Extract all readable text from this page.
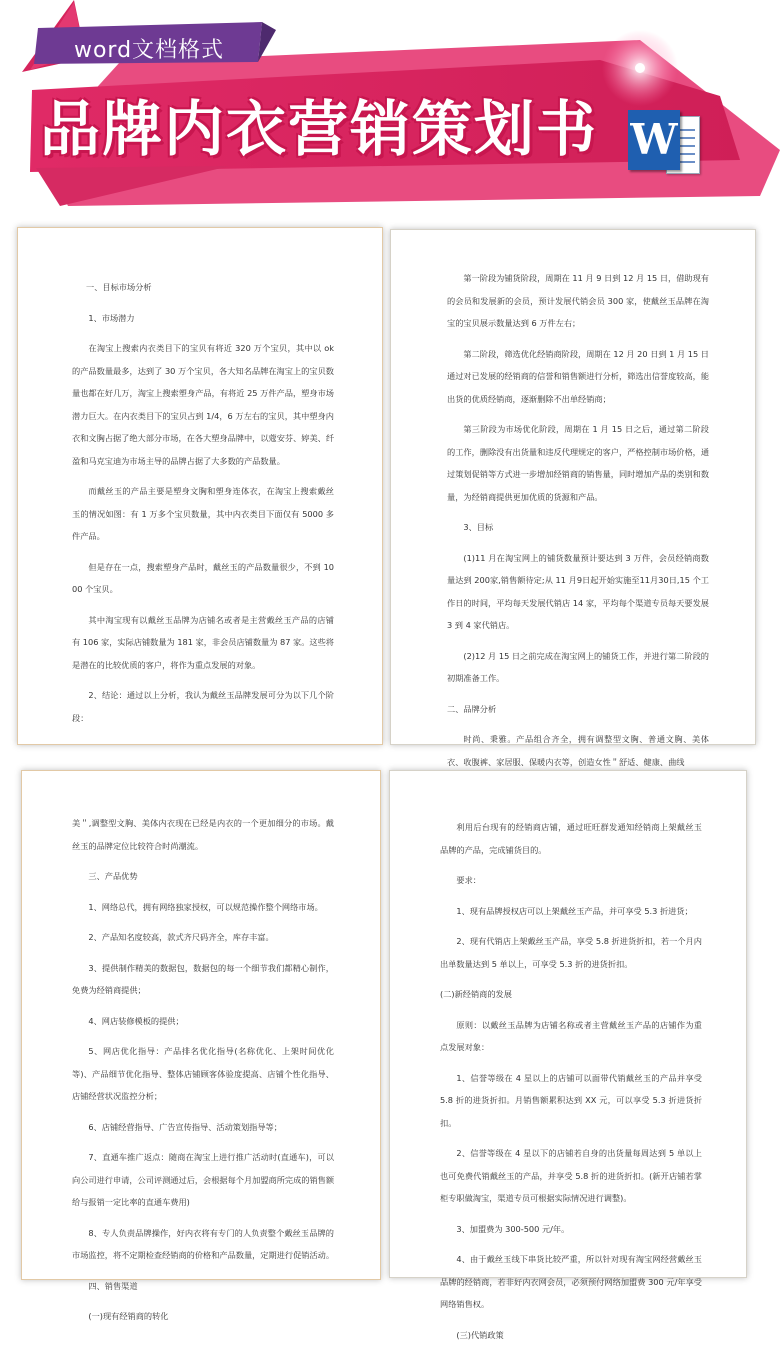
word文档格式
品牌内衣营销策划书 W

一、目标市场分析

1、市场潜力

在淘宝上搜索内衣类目下的宝贝有将近 320 万个宝贝，其中以 ok 的产品数量最多，达到了 30 万个宝贝，各大知名品牌在淘宝上的宝贝数量也都在好几万，淘宝上搜索塑身产品，有将近 25 万件产品，塑身市场潜力巨大。在内衣类目下的宝贝占到 1/4，6 万左右的宝贝，其中塑身内衣和文胸占据了绝大部分市场，在各大塑身品牌中，以蔻安芬、婷美、纤盈和马克宝迪为市场主导的品牌占据了大多数的产品数量。

而戴丝玉的产品主要是塑身文胸和塑身连体衣，在淘宝上搜索戴丝玉的情况如图：有 1 万多个宝贝数量，其中内衣类目下面仅有 5000 多件产品。

但是存在一点，搜索塑身产品时，戴丝玉的产品数量很少，不到 1000 个宝贝。

其中淘宝现有以戴丝玉品牌为店铺名或者是主营戴丝玉产品的店铺有 106 家，实际店铺数量为 181 家，非会员店铺数量为 87 家。这些将是潜在的比较优质的客户，将作为重点发展的对象。

2、结论：通过以上分析，我认为戴丝玉品牌发展可分为以下几个阶段：

第一阶段为铺货阶段，周期在 11 月 9 日到 12 月 15 日，借助现有的会员和发展新的会员，预计发展代销会员 300 家，使戴丝玉品牌在淘宝的宝贝展示数量达到 6 万件左右；

第二阶段，筛选优化经销商阶段，周期在 12 月 20 日到 1 月 15 日通过对已发展的经销商的信誉和销售额进行分析，筛选出信誉度较高，能出货的优质经销商，逐渐删除不出单经销商；

第三阶段为市场优化阶段，周期在 1 月 15 日之后，通过第二阶段的工作，删除没有出货量和违反代理规定的客户，严格控制市场价格，通过策划促销等方式进一步增加经销商的销售量，同时增加产品的类别和数量，为经销商提供更加优质的货源和产品。

3、目标

(1)11 月在淘宝网上的铺货数量预计要达到 3 万件，会员经销商数量达到 200家,销售额待定;从 11 月9日起开始实施至11月30日,15 个工作日的时间，平均每天发展代销店 14 家，平均每个渠道专员每天要发展 3 到 4 家代销店。

(2)12 月 15 日之前完成在淘宝网上的铺货工作，并进行第二阶段的初期准备工作。

二、品牌分析

时尚、秉雅。产品组合齐全，拥有调整型文胸、普通文胸、美体衣、收腹裤、家居服、保暖内衣等，创造女性＂舒适、健康、曲线

美＂,调整型文胸、美体内衣现在已经是内衣的一个更加细分的市场。戴丝玉的品牌定位比较符合时尚潮流。

三、产品优势

1、网络总代，拥有网络独家授权，可以规范操作整个网络市场。

2、产品知名度较高，款式齐尺码齐全，库存丰富。

3、提供制作精美的数据包，数据包的每一个细节我们都精心制作，免费为经销商提供；

4、网店装修模板的提供；

5、网店优化指导：产品排名优化指导(名称优化、上架时间优化等)、产品细节优化指导、整体店铺顾客体验度提高、店铺个性化指导、店铺经营状况监控分析；

6、店铺经营指导、广告宣传指导、活动策划指导等；

7、直通车推广返点：随商在淘宝上进行推广活动时(直通车)，可以向公司进行申请，公司评测通过后，会根据每个月加盟商所完成的销售额给与报销一定比率的直通车费用)

8、专人负责品牌操作，好内衣将有专门的人负责整个戴丝玉品牌的市场监控，将不定期检查经销商的价格和产品数量，定期进行促销活动。

四、销售渠道

(一)现有经销商的转化

利用后台现有的经销商店铺，通过旺旺群发通知经销商上架戴丝玉品牌的产品，完成铺货目的。

要求：

1、现有品牌授权店可以上架戴丝玉产品，并可享受 5.3 折进货；

2、现有代销店上架戴丝玉产品，享受 5.8 折进货折扣，若一个月内出单数量达到 5 单以上，可享受 5.3 折的进货折扣。

(二)新经销商的发展

原则：以戴丝玉品牌为店铺名称或者主营戴丝玉产品的店铺作为重点发展对象：

1、信誉等级在 4 星以上的店铺可以面带代销戴丝玉的产品并享受 5.8 折的进货折扣。月销售额累积达到 XX 元，可以享受 5.3 折进货折扣。

2、信誉等级在 4 星以下的店铺若自身的出货量每周达到 5 单以上也可免费代销戴丝玉的产品，并享受 5.8 折的进货折扣。(新开店铺若掌柜专职做淘宝，渠道专员可根据实际情况进行调整)。

3、加盟费为 300-500 元/年。

4、由于戴丝玉线下串货比较严重，所以针对现有淘宝网经营戴丝玉品牌的经销商，若非好内衣网会员，必须预付网络加盟费 300 元/年享受网络销售权。

(三)代销政策
